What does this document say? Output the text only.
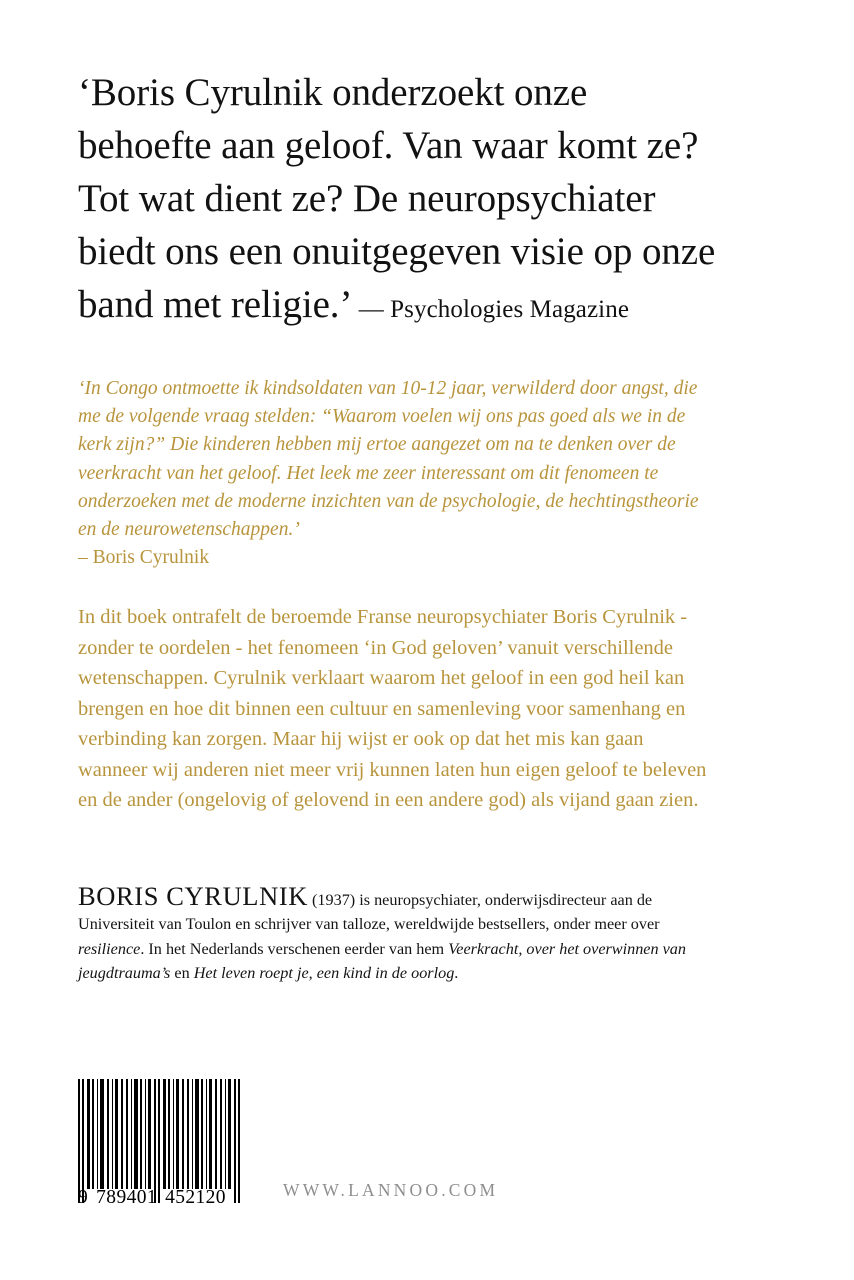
‘Boris Cyrulnik onderzoekt onze behoefte aan geloof. Van waar komt ze? Tot wat dient ze? De neuropsychiater biedt ons een onuitgegeven visie op onze band met religie.’ — Psychologies Magazine
‘In Congo ontmoette ik kindsoldaten van 10-12 jaar, verwilderd door angst, die me de volgende vraag stelden: “Waarom voelen wij ons pas goed als we in de kerk zijn?” Die kinderen hebben mij ertoe aangezet om na te denken over de veerkracht van het geloof. Het leek me zeer interessant om dit fenomeen te onderzoeken met de moderne inzichten van de psychologie, de hechtingstheorie en de neurowetenschappen.’
– Boris Cyrulnik
In dit boek ontrafelt de beroemde Franse neuropsychiater Boris Cyrulnik - zonder te oordelen - het fenomeen ‘in God geloven’ vanuit verschillende wetenschappen. Cyrulnik verklaart waarom het geloof in een god heil kan brengen en hoe dit binnen een cultuur en samenleving voor samenhang en verbinding kan zorgen. Maar hij wijst er ook op dat het mis kan gaan wanneer wij anderen niet meer vrij kunnen laten hun eigen geloof te beleven en de ander (ongelovig of gelovend in een andere god) als vijand gaan zien.
BORIS CYRULNIK (1937) is neuropsychiater, onderwijsdirecteur aan de Universiteit van Toulon en schrijver van talloze, wereldwijde bestsellers, onder meer over resilience. In het Nederlands verschenen eerder van hem Veerkracht, over het overwinnen van jeugdtrauma’s en Het leven roept je, een kind in de oorlog.
9 789401 452120	WWW.LANNOO.COM
